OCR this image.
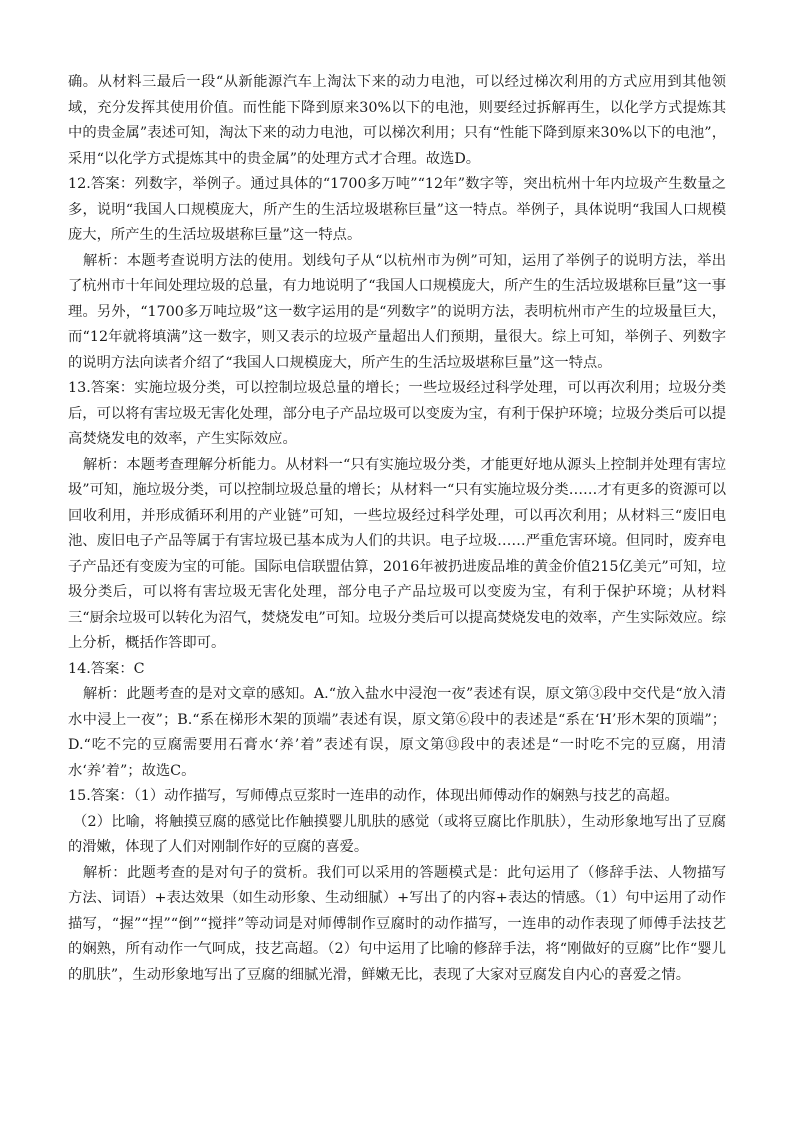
确。从材料三最后一段“从新能源汽车上淘汰下来的动力电池，可以经过梯次利用的方式应用到其他领域，充分发挥其使用价值。而性能下降到原来30%以下的电池，则要经过拆解再生，以化学方式提炼其中的贵金属”表述可知，淘汰下来的动力电池，可以梯次利用；只有“性能下降到原来30%以下的电池”，采用“以化学方式提炼其中的贵金属”的处理方式才合理。故选D。

12.答案：列数字，举例子。通过具体的“1700多万吨”“12年”数字等，突出杭州十年内垃圾产生数量之多，说明“我国人口规模庞大，所产生的生活垃圾堪称巨量”这一特点。举例子，具体说明“我国人口规模庞大，所产生的生活垃圾堪称巨量”这一特点。

解析：本题考查说明方法的使用。划线句子从“以杭州市为例”可知，运用了举例子的说明方法，举出了杭州市十年间处理垃圾的总量，有力地说明了“我国人口规模庞大，所产生的生活垃圾堪称巨量”这一事理。另外，“1700多万吨垃圾”这一数字运用的是“列数字”的说明方法，表明杭州市产生的垃圾量巨大，而“12年就将填满”这一数字，则又表示的垃圾产量超出人们预期，量很大。综上可知，举例子、列数字的说明方法向读者介绍了“我国人口规模庞大，所产生的生活垃圾堪称巨量”这一特点。

13.答案：实施垃圾分类，可以控制垃圾总量的增长；一些垃圾经过科学处理，可以再次利用；垃圾分类后，可以将有害垃圾无害化处理，部分电子产品垃圾可以变废为宝，有利于保护环境；垃圾分类后可以提高焚烧发电的效率，产生实际效应。

解析：本题考查理解分析能力。从材料一“只有实施垃圾分类，才能更好地从源头上控制并处理有害垃圾”可知，施垃圾分类，可以控制垃圾总量的增长；从材料一“只有实施垃圾分类……才有更多的资源可以回收利用，并形成循环利用的产业链”可知，一些垃圾经过科学处理，可以再次利用；从材料三“废旧电池、废旧电子产品等属于有害垃圾已基本成为人们的共识。电子垃圾……严重危害环境。但同时，废弃电子产品还有变废为宝的可能。国际电信联盟估算，2016年被扔进废品堆的黄金价值215亿美元”可知，垃圾分类后，可以将有害垃圾无害化处理，部分电子产品垃圾可以变废为宝，有利于保护环境；从材料三“厨余垃圾可以转化为沼气，焚烧发电”可知。垃圾分类后可以提高焚烧发电的效率，产生实际效应。综上分析，概括作答即可。

14.答案：C

解析：此题考查的是对文章的感知。A.“放入盐水中浸泡一夜”表述有误，原文第③段中交代是“放入清水中浸上一夜”；B.“系在梯形木架的顶端”表述有误，原文第⑥段中的表述是“系在‘H’形木架的顶端”；D.“吃不完的豆腐需要用石膏水‘养’着”表述有误，原文第⑬段中的表述是“一时吃不完的豆腐，用清水‘养’着”；故选C。

15.答案：（1）动作描写，写师傅点豆浆时一连串的动作，体现出师傅动作的娴熟与技艺的高超。

（2）比喻，将触摸豆腐的感觉比作触摸婴儿肌肤的感觉（或将豆腐比作肌肤），生动形象地写出了豆腐的滑嫩，体现了人们对刚制作好的豆腐的喜爱。

解析：此题考查的是对句子的赏析。我们可以采用的答题模式是：此句运用了（修辞手法、人物描写方法、词语）+表达效果（如生动形象、生动细腻）+写出了的内容+表达的情感。（1）句中运用了动作描写，“握”“捏”“倒”“搅拌”等动词是对师傅制作豆腐时的动作描写，一连串的动作表现了师傅手法技艺的娴熟，所有动作一气呵成，技艺高超。（2）句中运用了比喻的修辞手法，将“刚做好的豆腐”比作“婴儿的肌肤”，生动形象地写出了豆腐的细腻光滑，鲜嫩无比，表现了大家对豆腐发自内心的喜爱之情。
